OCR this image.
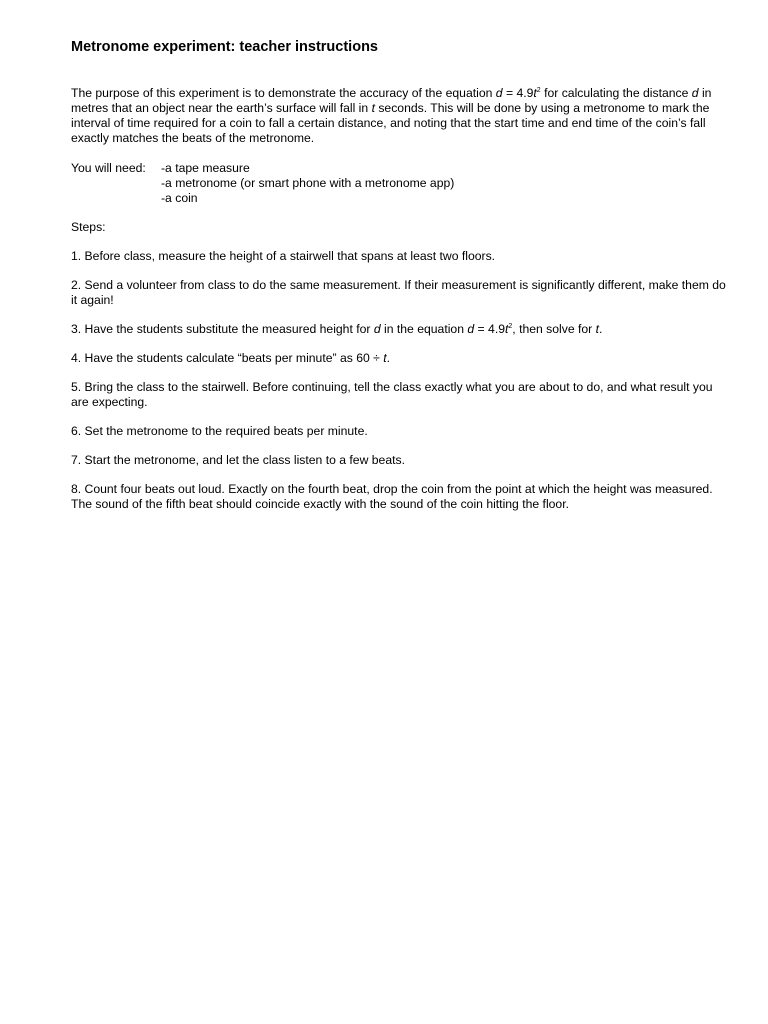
Metronome experiment: teacher instructions

The purpose of this experiment is to demonstrate the accuracy of the equation $d = 4.9t^2$ for calculating the distance d in metres that an object near the earth’s surface will fall in t seconds. This will be done by using a metronome to mark the interval of time required for a coin to fall a certain distance, and noting that the start time and end time of the coin’s fall exactly matches the beats of the metronome.

You will need:	-a tape measure
-a metronome (or smart phone with a metronome app)
-a coin

Steps:

1. Before class, measure the height of a stairwell that spans at least two floors.

2. Send a volunteer from class to do the same measurement. If their measurement is significantly different, make them do it again!

3. Have the students substitute the measured height for d in the equation $d = 4.9t^2$, then solve for t.

4. Have the students calculate “beats per minute” as 60 ÷ t.

5. Bring the class to the stairwell. Before continuing, tell the class exactly what you are about to do, and what result you are expecting.

6. Set the metronome to the required beats per minute.

7. Start the metronome, and let the class listen to a few beats.

8. Count four beats out loud. Exactly on the fourth beat, drop the coin from the point at which the height was measured. The sound of the fifth beat should coincide exactly with the sound of the coin hitting the floor.
